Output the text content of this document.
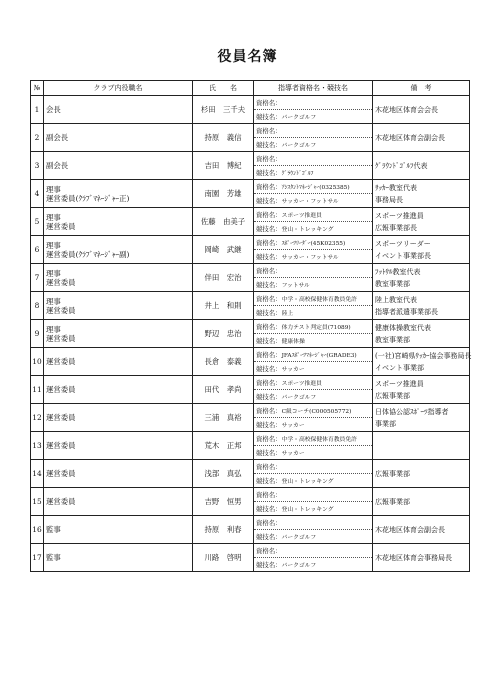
役員名簿
№	クラブ内役職名	氏　　名	指導者資格名・競技名	備　考
1	会長	杉田　三千夫	資格名：
競技名：パークゴルフ	木花地区体育会会長

2	副会長	持原　義信	資格名：
競技名：パークゴルフ	木花地区体育会副会長

3	副会長	吉田　博紀	資格名：
競技名：ｸﾞﾗｳﾝﾄﾞｺﾞﾙﾌ	ｸﾞﾗｳﾝﾄﾞｺﾞﾙﾌ代表

4	理事
運営委員(ｸﾗﾌﾞﾏﾈｰｼﾞｬｰ正)	南園　芳雄	資格名：ｱｼｽﾀﾝﾄﾏﾈｰｼﾞｬｰ(0325385)
競技名：サッカー・フットサル	ｻｯｶｰ教室代表
事務局長

5	理事
運営委員	佐藤　由美子	資格名：スポーツ推進員
競技名：登山・トレッキング	スポーツ推進員
広報事業部長

6	理事
運営委員(ｸﾗﾌﾞﾏﾈｰｼﾞｬｰ副)	岡崎　武継	資格名：ｽﾎﾟｰﾂﾘｰﾀﾞｰ(45K02355)
競技名：サッカー・フットサル	スポーツリーダー
イベント事業部長

7	理事
運営委員	伴田　宏治	資格名：
競技名：フットサル	ﾌｯﾄｻﾙ教室代表
教室事業部

8	理事
運営委員	井上　和則	資格名：中学・高校保健体育教員免許
競技名：陸上	陸上教室代表
指導者派遣事業部長

9	理事
運営委員	野辺　忠治	資格名：体力テスト判定員(71089)
競技名：健康体操	健康体操教室代表
教室事業部

10	運営委員	長倉　泰義	資格名：JFAｽﾎﾟｰﾂﾏﾈｰｼﾞｬｰ(GRADE3)
競技名：サッカー	(一社)宮崎県ｻｯｶｰ協会事務局長
イベント事業部

11	運営委員	田代　孝尚	資格名：スポーツ推進員
競技名：パークゴルフ	スポーツ推進員
広報事業部

12	運営委員	三浦　真裕	資格名：C級コーチ(C000505772)
競技名：サッカー	日体協公認ｽﾎﾟｰﾂ指導者
事業部

13	運営委員	荒木　正邦	資格名：中学・高校保健体育教員免許
競技名：サッカー	

14	運営委員	浅部　真弘	資格名：
競技名：登山・トレッキング	広報事業部

15	運営委員	吉野　恒男	資格名：
競技名：登山・トレッキング	広報事業部

16	監事	持原　利春	資格名：
競技名：パークゴルフ	木花地区体育会副会長

17	監事	川路　啓明	資格名：
競技名：パークゴルフ	木花地区体育会事務局長
